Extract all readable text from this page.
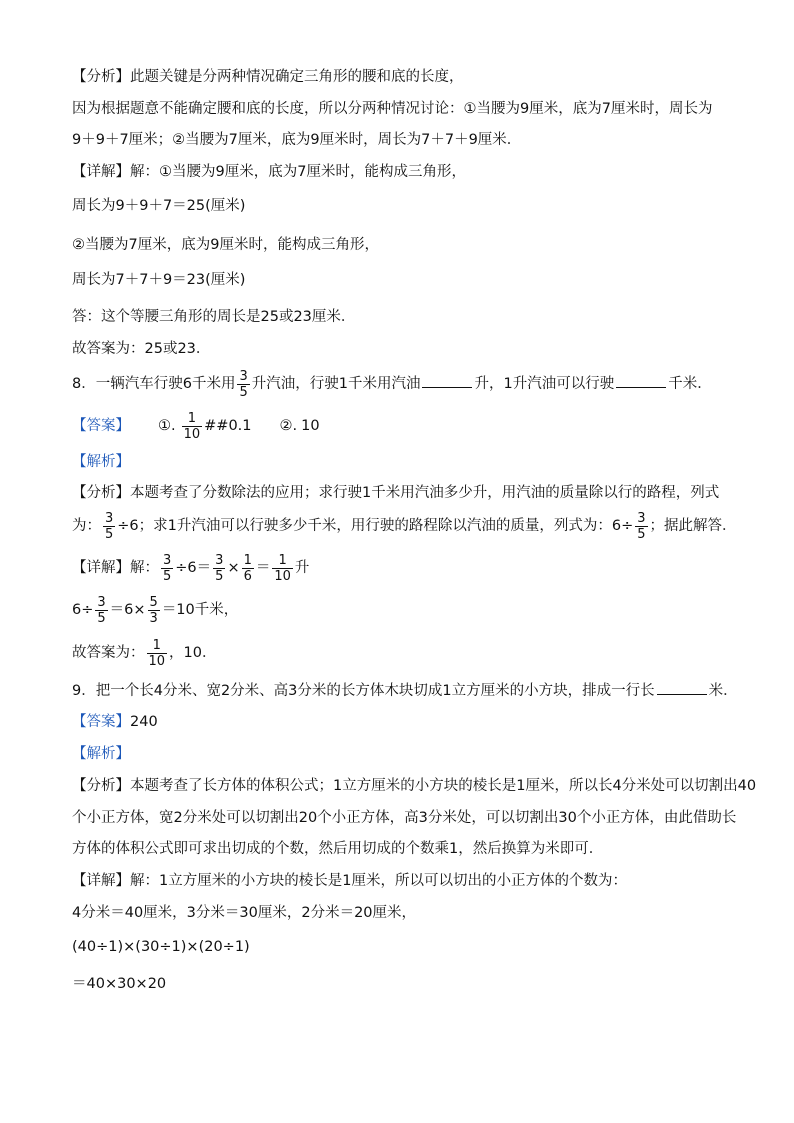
【分析】此题关键是分两种情况确定三角形的腰和底的长度，
因为根据题意不能确定腰和底的长度，所以分两种情况讨论：①当腰为9厘米，底为7厘米时，周长为
9＋9＋7厘米；②当腰为7厘米，底为9厘米时，周长为7＋7＋9厘米．
【详解】解：①当腰为9厘米，底为7厘米时，能构成三角形，
周长为9＋9＋7＝25(厘米)
②当腰为7厘米，底为9厘米时，能构成三角形，
周长为7＋7＋9＝23(厘米)
答：这个等腰三角形的周长是25或23厘米．
故答案为：25或23．
8．一辆汽车行驶6千米用 $\frac{3}{5}$ 升汽油，行驶1千米用汽油	升，1升汽油可以行驶	千米．
【答案】 ①. $\frac{1}{10}$ ##0.1 ②. 10
【解析】
【分析】本题考查了分数除法的应用；求行驶1千米用汽油多少升，用汽油的质量除以行的路程，列式
为： $\frac{3}{5} \div 6$；求1升汽油可以行驶多少千米，用行驶的路程除以汽油的质量，列式为：$6\div \frac{3}{5}$ ；据此解答．
【详解】解： $\frac{3}{5} \div 6= \frac{3}{5} \times \frac{1}{6} = \frac{1}{10}$ 升
$6\div \frac{3}{5} =6\times \frac{5}{3} =10$千米，
故答案为： $\frac{1}{10}$ ，10．
9．把一个长4分米、宽2分米、高3分米的长方体木块切成1立方厘米的小方块，排成一行长	米．
【答案】240
【解析】
【分析】本题考查了长方体的体积公式；1立方厘米的小方块的棱长是1厘米，所以长4分米处可以切割出40
个小正方体，宽2分米处可以切割出20个小正方体，高3分米处，可以切割出30个小正方体，由此借助长
方体的体积公式即可求出切成的个数，然后用切成的个数乘1，然后换算为米即可．
【详解】解：1立方厘米的小方块的棱长是1厘米，所以可以切出的小正方体的个数为：
4分米＝40厘米，3分米＝30厘米，2分米＝20厘米，
(40÷1)×(30÷1)×(20÷1)
＝40×30×20
